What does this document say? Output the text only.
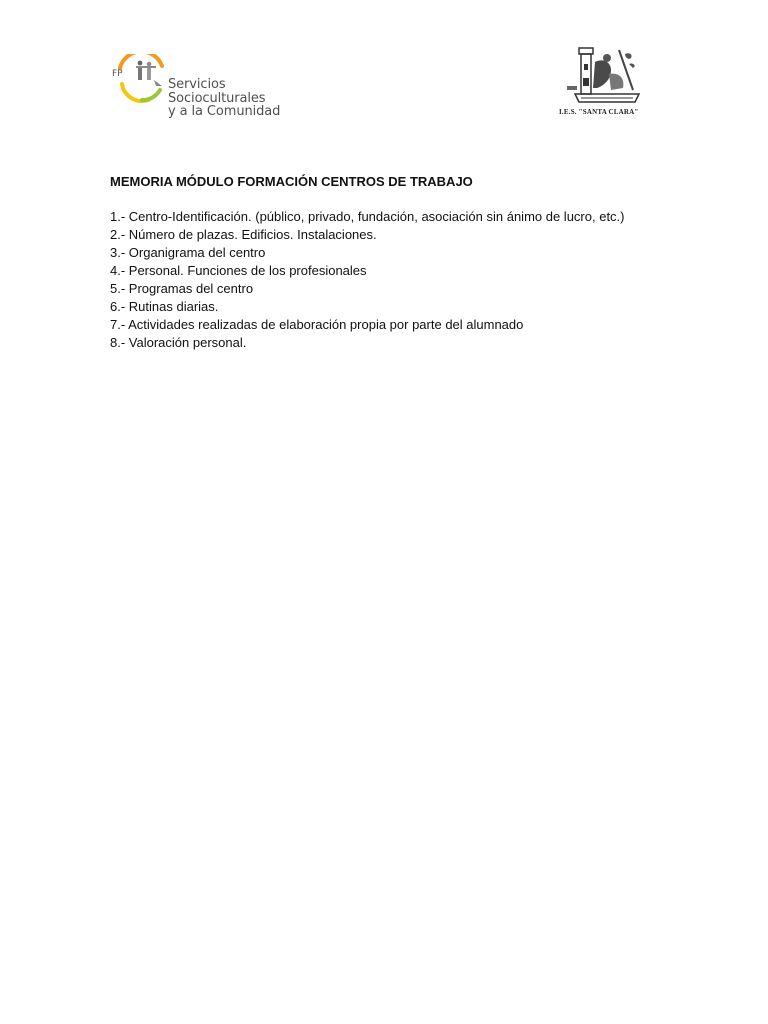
FP
Servicios
Socioculturales
y a la Comunidad	I.E.S. "SANTA CLARA"

MEMORIA MÓDULO FORMACIÓN CENTROS DE TRABAJO

1.- Centro-Identificación. (público, privado, fundación, asociación sin ánimo de lucro, etc.)
2.- Número de plazas. Edificios. Instalaciones.
3.- Organigrama del centro
4.- Personal. Funciones de los profesionales
5.- Programas del centro
6.- Rutinas diarias.
7.- Actividades realizadas de elaboración propia por parte del alumnado
8.- Valoración personal.
